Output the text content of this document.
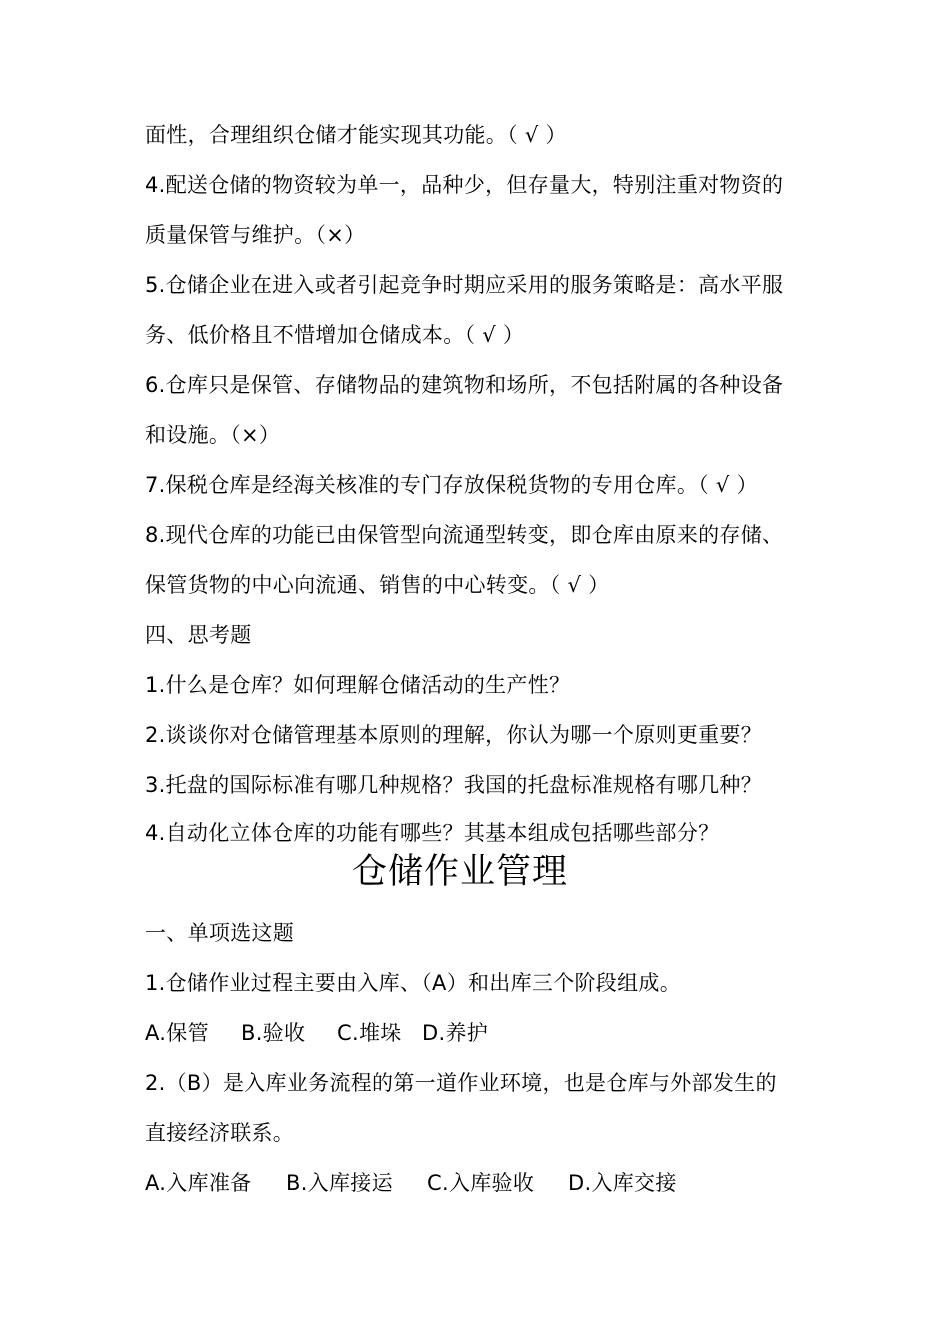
面性，合理组织仓储才能实现其功能。（ √ ）
4.配送仓储的物资较为单一，品种少，但存量大，特别注重对物资的
质量保管与维护。（×）
5.仓储企业在进入或者引起竞争时期应采用的服务策略是：高水平服
务、低价格且不惜增加仓储成本。（ √ ）
6.仓库只是保管、存储物品的建筑物和场所，不包括附属的各种设备
和设施。（×）
7.保税仓库是经海关核准的专门存放保税货物的专用仓库。（ √ ）
8.现代仓库的功能已由保管型向流通型转变，即仓库由原来的存储、
保管货物的中心向流通、销售的中心转变。（ √ ）
四、思考题
1.什么是仓库？如何理解仓储活动的生产性？
2.谈谈你对仓储管理基本原则的理解，你认为哪一个原则更重要？
3.托盘的国际标准有哪几种规格？我国的托盘标准规格有哪几种？
4.自动化立体仓库的功能有哪些？其基本组成包括哪些部分？
仓储作业管理
一、单项选这题
1.仓储作业过程主要由入库、（A）和出库三个阶段组成。
A.保管 B.验收 C.堆垛 D.养护
2.（B）是入库业务流程的第一道作业环境，也是仓库与外部发生的
直接经济联系。
A.入库准备 B.入库接运 C.入库验收 D.入库交接
